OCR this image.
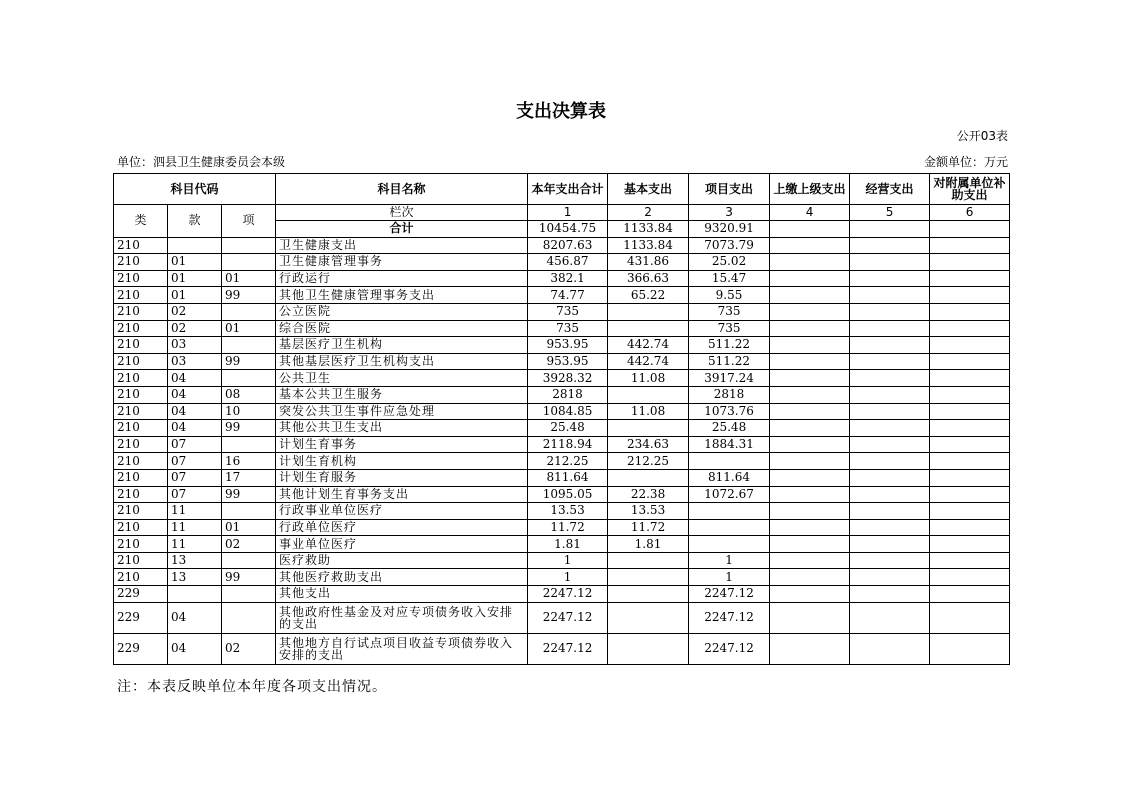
支出决算表
公开03表
单位：泗县卫生健康委员会本级	金额单位：万元
科目代码			科目名称	本年支出合计	基本支出	项目支出	上缴上级支出	经营支出	对附属单位补助支出
类	款	项	栏次	1	2	3	4	5	6
			合计	10454.75	1133.84	9320.91			
210			卫生健康支出	8207.63	1133.84	7073.79			
210	01		卫生健康管理事务	456.87	431.86	25.02			
210	01	01	行政运行	382.1	366.63	15.47			
210	01	99	其他卫生健康管理事务支出	74.77	65.22	9.55			
210	02		公立医院	735		735			
210	02	01	综合医院	735		735			
210	03		基层医疗卫生机构	953.95	442.74	511.22			
210	03	99	其他基层医疗卫生机构支出	953.95	442.74	511.22			
210	04		公共卫生	3928.32	11.08	3917.24			
210	04	08	基本公共卫生服务	2818		2818			
210	04	10	突发公共卫生事件应急处理	1084.85	11.08	1073.76			
210	04	99	其他公共卫生支出	25.48		25.48			
210	07		计划生育事务	2118.94	234.63	1884.31			
210	07	16	计划生育机构	212.25	212.25				
210	07	17	计划生育服务	811.64		811.64			
210	07	99	其他计划生育事务支出	1095.05	22.38	1072.67			
210	11		行政事业单位医疗	13.53	13.53				
210	11	01	行政单位医疗	11.72	11.72				
210	11	02	事业单位医疗	1.81	1.81				
210	13		医疗救助	1		1			
210	13	99	其他医疗救助支出	1		1			
229			其他支出	2247.12		2247.12			
229	04		其他政府性基金及对应专项债务收入安排的支出	2247.12		2247.12			
229	04	02	其他地方自行试点项目收益专项债券收入安排的支出	2247.12		2247.12			
注：本表反映单位本年度各项支出情况。
